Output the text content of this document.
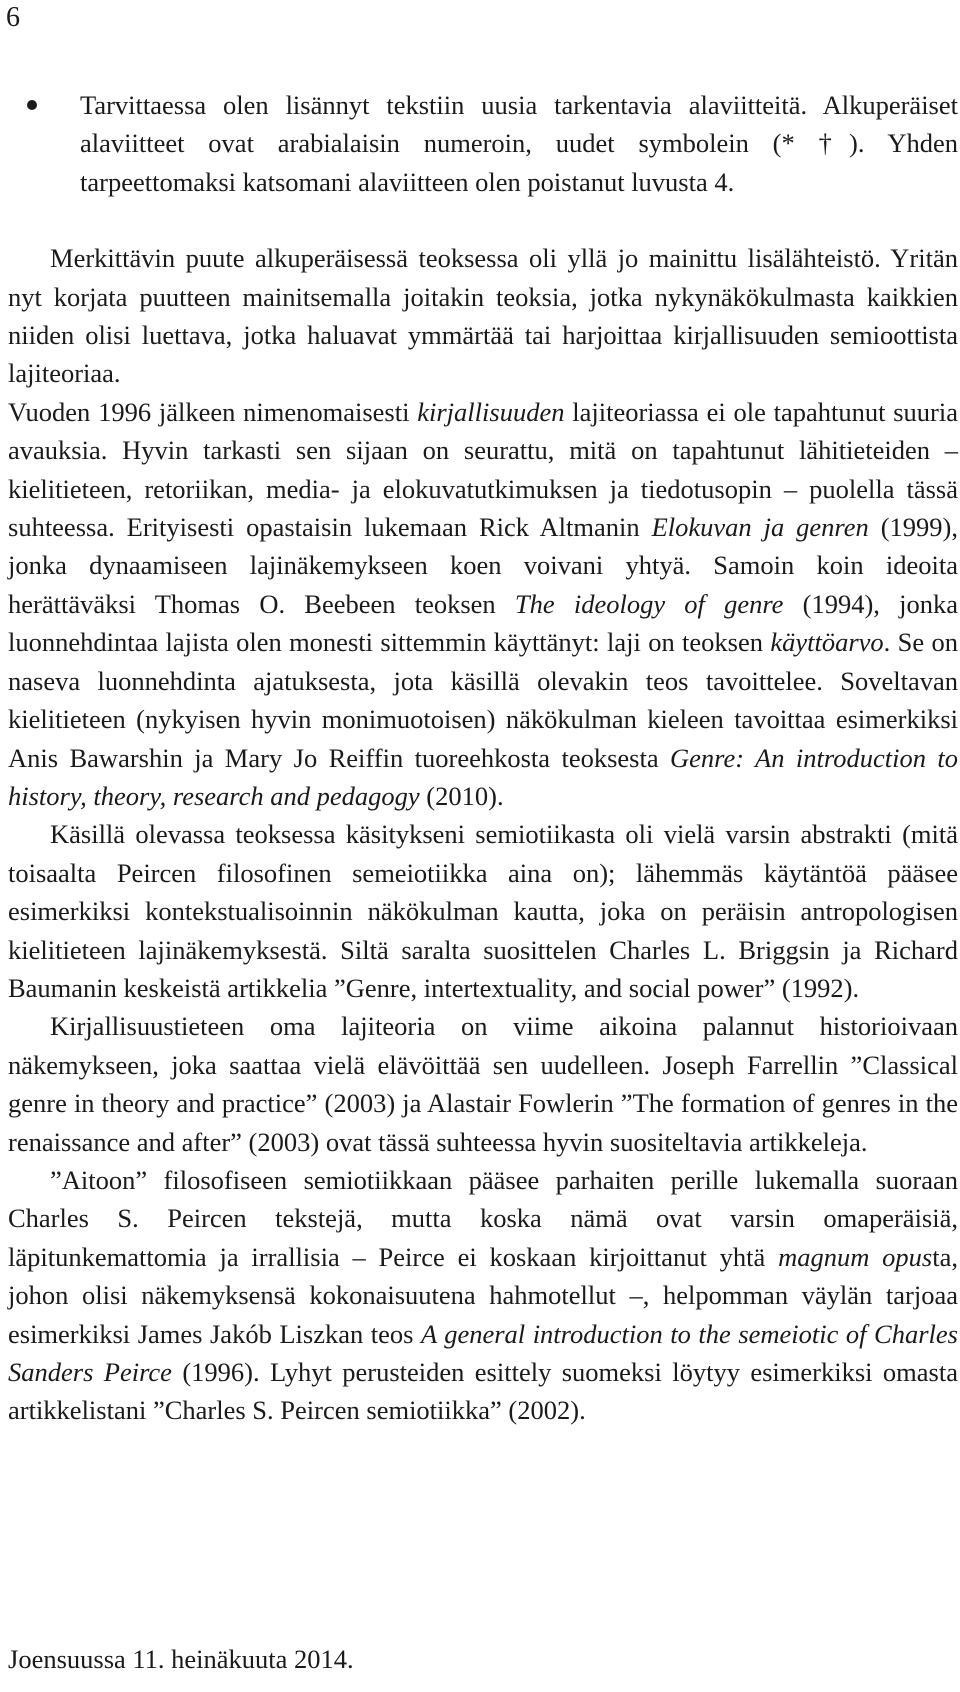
6
Tarvittaessa olen lisännyt tekstiin uusia tarkentavia alaviitteitä. Alkuperäiset alaviitteet ovat arabialaisin numeroin, uudet symbolein (* †). Yhden tarpeettomaksi katsomani alaviitteen olen poistanut luvusta 4.

Merkittävin puute alkuperäisessä teoksessa oli yllä jo mainittu lisälähteistö. Yritän nyt korjata puutteen mainitsemalla joitakin teoksia, jotka nykynäkökulmasta kaikkien niiden olisi luettava, jotka haluavat ymmärtää tai harjoittaa kirjallisuuden semioottista lajiteoriaa.

Vuoden 1996 jälkeen nimenomaisesti kirjallisuuden lajiteoriassa ei ole tapahtunut suuria avauksia. Hyvin tarkasti sen sijaan on seurattu, mitä on tapahtunut lähitieteiden – kielitieteen, retoriikan, media- ja elokuvatutkimuksen ja tiedotusopin – puolella tässä suhteessa. Erityisesti opastaisin lukemaan Rick Altmanin Elokuvan ja genren (1999), jonka dynaamiseen lajinäkemykseen koen voivani yhtyä. Samoin koin ideoita herättäväksi Thomas O. Beebeen teoksen The ideology of genre (1994), jonka luonnehdintaa lajista olen monesti sittemmin käyttänyt: laji on teoksen käyttöarvo. Se on naseva luonnehdinta ajatuksesta, jota käsillä olevakin teos tavoittelee. Soveltavan kielitieteen (nykyisen hyvin monimuotoisen) näkökulman kieleen tavoittaa esimerkiksi Anis Bawarshin ja Mary Jo Reiffin tuoreehkosta teoksesta Genre: An introduction to history, theory, research and pedagogy (2010).

Käsillä olevassa teoksessa käsitykseni semiotiikasta oli vielä varsin abstrakti (mitä toisaalta Peircen filosofinen semeiotiikka aina on); lähemmäs käytäntöä pääsee esimerkiksi kontekstualisoinnin näkökulman kautta, joka on peräisin antropologisen kielitieteen lajinäkemyksestä. Siltä saralta suosittelen Charles L. Briggsin ja Richard Baumanin keskeistä artikkelia ”Genre, intertextuality, and social power” (1992).

Kirjallisuustieteen oma lajiteoria on viime aikoina palannut historioivaan näkemykseen, joka saattaa vielä elävöittää sen uudelleen. Joseph Farrellin ”Classical genre in theory and practice” (2003) ja Alastair Fowlerin ”The formation of genres in the renaissance and after” (2003) ovat tässä suhteessa hyvin suositeltavia artikkeleja.

”Aitoon” filosofiseen semiotiikkaan pääsee parhaiten perille lukemalla suoraan Charles S. Peircen tekstejä, mutta koska nämä ovat varsin omaperäisiä, läpitunkemattomia ja irrallisia – Peirce ei koskaan kirjoittanut yhtä magnum opusta, johon olisi näkemyksensä kokonaisuutena hahmotellut –, helpomman väylän tarjoaa esimerkiksi James Jakób Liszkan teos A general introduction to the semeiotic of Charles Sanders Peirce (1996). Lyhyt perusteiden esittely suomeksi löytyy esimerkiksi omasta artikkelistani ”Charles S. Peircen semiotiikka” (2002).

Joensuussa 11. heinäkuuta 2014.
